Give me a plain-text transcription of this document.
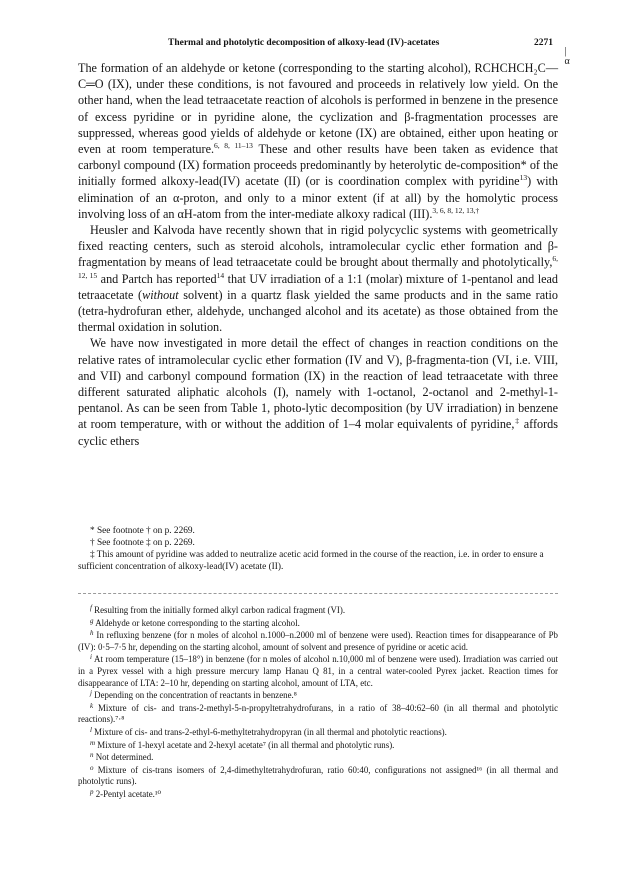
Thermal and photolytic decomposition of alkoxy-lead (IV)-acetates	2271

The formation of an aldehyde or ketone (corresponding to the starting alcohol),
|α
RCHCHCH₂C—C═O (IX), under these conditions, is not favoured and proceeds in relatively low yield. On the other hand, when the lead tetraacetate reaction of alcohols is performed in benzene in the presence of excess pyridine or in pyridine alone, the cyclization and β-fragmentation processes are suppressed, whereas good yields of aldehyde or ketone (IX) are obtained, either upon heating or even at room temperature.$^{6, 8, 11-13}$ These and other results have been taken as evidence that carbonyl compound (IX) formation proceeds predominantly by heterolytic de-composition* of the initially formed alkoxy-lead(IV) acetate (II) (or is coordination complex with pyridine$^{13}$) with elimination of an α-proton, and only to a minor extent (if at all) by the homolytic process involving loss of an αH-atom from the inter-mediate alkoxy radical (III).$^{3, 6, 8, 12, 13,\dagger}$

Heusler and Kalvoda have recently shown that in rigid polycyclic systems with geometrically fixed reacting centers, such as steroid alcohols, intramolecular cyclic ether formation and β-fragmentation by means of lead tetraacetate could be brought about thermally and photolytically,$^{6, 12, 15}$ and Partch has reported$^{14}$ that UV irradiation of a 1:1 (molar) mixture of 1-pentanol and lead tetraacetate (without solvent) in a quartz flask yielded the same products and in the same ratio (tetra-hydrofuran ether, aldehyde, unchanged alcohol and its acetate) as those obtained from the thermal oxidation in solution.

We have now investigated in more detail the effect of changes in reaction conditions on the relative rates of intramolecular cyclic ether formation (IV and V), β-fragmenta-tion (VI, i.e. VIII, and VII) and carbonyl compound formation (IX) in the reaction of lead tetraacetate with three different saturated aliphatic alcohols (I), namely with 1-octanol, 2-octanol and 2-methyl-1-pentanol. As can be seen from Table 1, photo-lytic decomposition (by UV irradiation) in benzene at room temperature, with or without the addition of 1–4 molar equivalents of pyridine,‡ affords cyclic ethers

* See footnote † on p. 2269.

† See footnote ‡ on p. 2269.

‡ This amount of pyridine was added to neutralize acetic acid formed in the course of the reaction, i.e. in order to ensure a sufficient concentration of alkoxy-lead(IV) acetate (II).

$^f$ Resulting from the initially formed alkyl carbon radical fragment (VI).

$^g$ Aldehyde or ketone corresponding to the starting alcohol.

$^h$ In refluxing benzene (for n moles of alcohol n.1000–n.2000 ml of benzene were used). Reaction times for disappearance of Pb (IV): 0·5–7·5 hr, depending on the starting alcohol, amount of solvent and presence of pyridine or acetic acid.

$^i$ At room temperature (15–18°) in benzene (for n moles of alcohol n.10,000 ml of benzene were used). Irradiation was carried out in a Pyrex vessel with a high pressure mercury lamp Hanau Q 81, in a central water-cooled Pyrex jacket. Reaction times for disappearance of LTA: 2–10 hr, depending on starting alcohol, amount of LTA, etc.

$^j$ Depending on the concentration of reactants in benzene.⁸

$^k$ Mixture of cis- and trans-2-methyl-5-n-propyltetrahydrofurans, in a ratio of 38–40:62–60 (in all thermal and photolytic reactions).⁷·⁸

$^l$ Mixture of cis- and trans-2-ethyl-6-methyltetrahydropyran (in all thermal and photolytic reactions).

$^m$ Mixture of 1-hexyl acetate and 2-hexyl acetate⁷ (in all thermal and photolytic runs).

$^n$ Not determined.

$^o$ Mixture of cis-trans isomers of 2,4-dimethyltetrahydrofuran, ratio 60:40, configurations not assigned¹⁶ (in all thermal and photolytic runs).

$^p$ 2-Pentyl acetate.¹⁰
